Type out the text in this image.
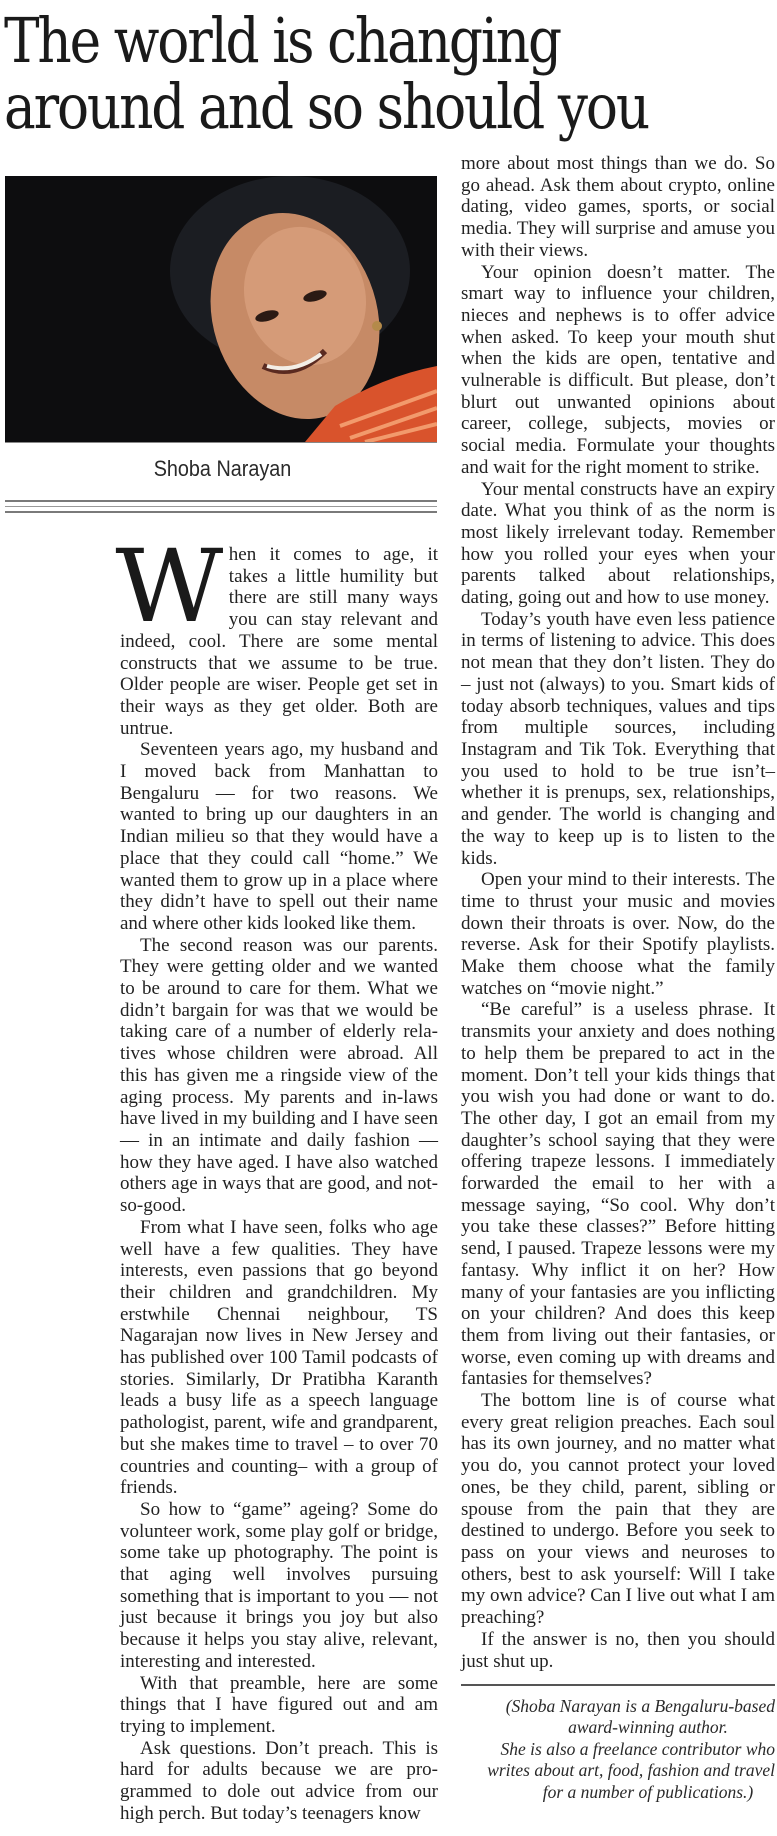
The world is changing
around and so should you
Shoba Narayan

When it comes to age, it takes a little humility but there are still many ways you can stay relevant and indeed, cool. There are some mental constructs that we assume to be true. Older people are wiser. People get set in their ways as they get older. Both are untrue.

Seventeen years ago, my husband and I moved back from Manhattan to Bengaluru — for two reasons. We wanted to bring up our daughters in an Indian milieu so that they would have a place that they could call “home.” We wanted them to grow up in a place where they didn’t have to spell out their name and where other kids looked like them.

The second reason was our parents. They were getting older and we wanted to be around to care for them. What we didn’t bargain for was that we would be taking care of a number of elderly relatives whose children were abroad. All this has given me a ringside view of the aging process. My parents and in-laws have lived in my building and I have seen — in an intimate and daily fashion — how they have aged. I have also watched others age in ways that are good, and not-so-good.

From what I have seen, folks who age well have a few qualities. They have interests, even passions that go beyond their children and grandchildren. My erstwhile Chennai neighbour, TS Nagarajan now lives in New Jersey and has published over 100 Tamil podcasts of stories. Similarly, Dr Pratibha Karanth leads a busy life as a speech language pathologist, parent, wife and grandparent, but she makes time to travel – to over 70 countries and counting– with a group of friends.

So how to “game” ageing? Some do volunteer work, some play golf or bridge, some take up photography. The point is that aging well involves pursuing something that is important to you — not just because it brings you joy but also because it helps you stay alive, relevant, interesting and interested.

With that preamble, here are some things that I have figured out and am trying to implement.

Ask questions. Don’t preach. This is hard for adults because we are programmed to dole out advice from our high perch. But today’s teenagers know

more about most things than we do. So go ahead. Ask them about crypto, online dating, video games, sports, or social media. They will surprise and amuse you with their views.

Your opinion doesn’t matter. The smart way to influence your children, nieces and nephews is to offer advice when asked. To keep your mouth shut when the kids are open, tentative and vulnerable is difficult. But please, don’t blurt out unwanted opinions about career, college, subjects, movies or social media. Formulate your thoughts and wait for the right moment to strike.

Your mental constructs have an expiry date. What you think of as the norm is most likely irrelevant today. Remember how you rolled your eyes when your parents talked about relationships, dating, going out and how to use money.

Today’s youth have even less patience in terms of listening to advice. This does not mean that they don’t listen. They do – just not (always) to you. Smart kids of today absorb techniques, values and tips from multiple sources, including Instagram and Tik Tok. Everything that you used to hold to be true isn’t– whether it is prenups, sex, relationships, and gender. The world is changing and the way to keep up is to listen to the kids.

Open your mind to their interests. The time to thrust your music and movies down their throats is over. Now, do the reverse. Ask for their Spotify playlists. Make them choose what the family watches on “movie night.”

“Be careful” is a useless phrase. It transmits your anxiety and does nothing to help them be prepared to act in the moment. Don’t tell your kids things that you wish you had done or want to do. The other day, I got an email from my daughter’s school saying that they were offering trapeze lessons. I immediately forwarded the email to her with a message saying, “So cool. Why don’t you take these classes?” Before hitting send, I paused. Trapeze lessons were my fantasy. Why inflict it on her? How many of your fantasies are you inflicting on your children? And does this keep them from living out their fantasies, or worse, even coming up with dreams and fantasies for themselves?

The bottom line is of course what every great religion preaches. Each soul has its own journey, and no matter what you do, you cannot protect your loved ones, be they child, parent, sibling or spouse from the pain that they are destined to undergo. Before you seek to pass on your views and neuroses to others, best to ask yourself: Will I take my own advice? Can I live out what I am preaching?

If the answer is no, then you should just shut up.

(Shoba Narayan is a Bengaluru-based
award-winning author.
She is also a freelance contributor who
writes about art, food, fashion and travel
for a number of publications.)
